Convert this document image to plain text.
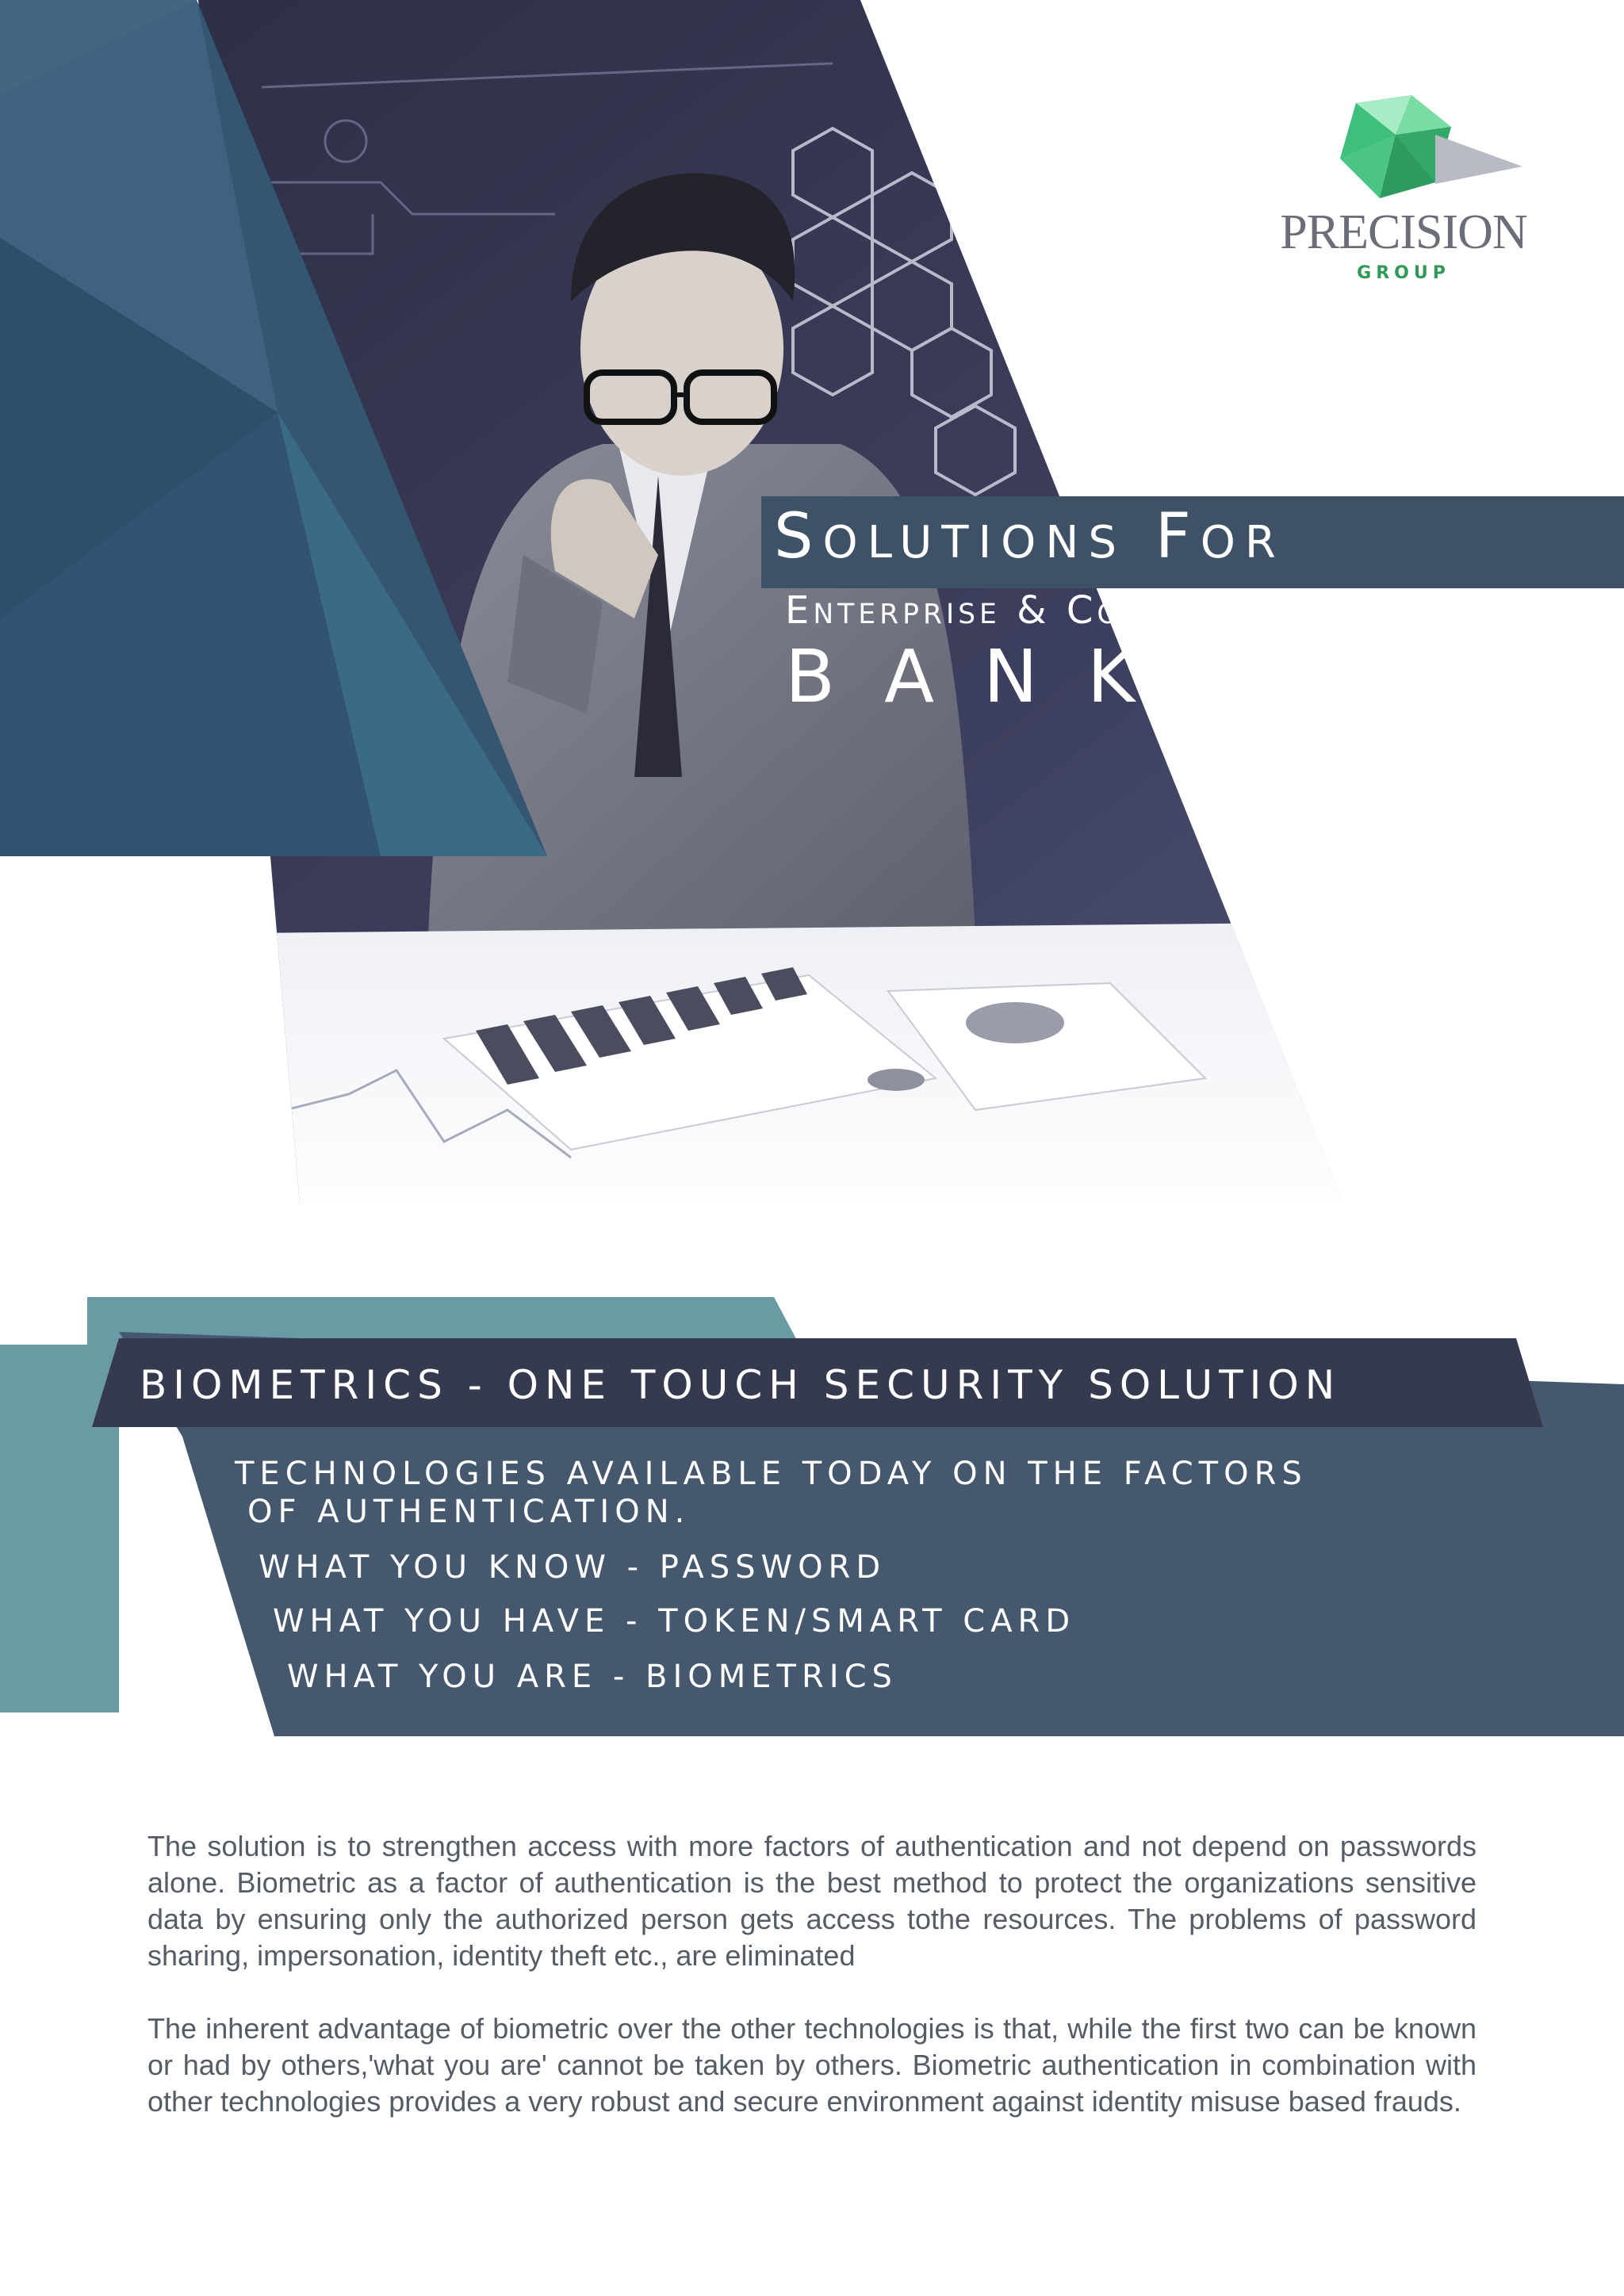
PRECISION
GROUP
SOLUTIONS FOR
ENTERPRISE & COMMERCIAL
BANKING
BIOMETRICS - ONE TOUCH SECURITY SOLUTION
TECHNOLOGIES AVAILABLE TODAY ON THE FACTORS
OF AUTHENTICATION.
WHAT YOU KNOW - PASSWORD
WHAT YOU HAVE - TOKEN/SMART CARD
WHAT YOU ARE - BIOMETRICS

The solution is to strengthen access with more factors of authentication and not depend on passwords alone. Biometric as a factor of authentication is the best method to protect the organizations sensitive data by ensuring only the authorized person gets access tothe resources. The problems of password sharing, impersonation, identity theft etc., are eliminated

The inherent advantage of biometric over the other technologies is that, while the first two can be known or had by others,'what you are' cannot be taken by others. Biometric authentication in combination with other technologies provides a very robust and secure environment against identity misuse based frauds.
